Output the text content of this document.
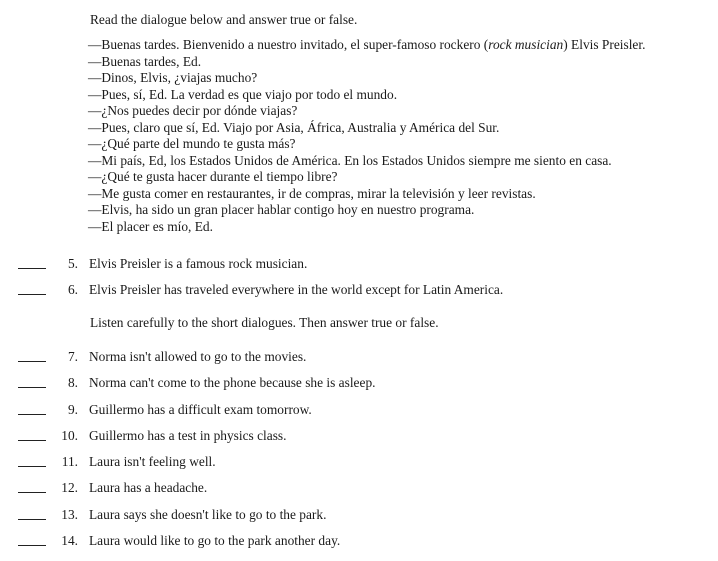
Read the dialogue below and answer true or false.
—Buenas tardes. Bienvenido a nuestro invitado, el super-famoso rockero (rock musician) Elvis Preisler.
—Buenas tardes, Ed.
—Dinos, Elvis, ¿viajas mucho?
—Pues, sí, Ed. La verdad es que viajo por todo el mundo.
—¿Nos puedes decir por dónde viajas?
—Pues, claro que sí, Ed. Viajo por Asia, África, Australia y América del Sur.
—¿Qué parte del mundo te gusta más?
—Mi país, Ed, los Estados Unidos de América. En los Estados Unidos siempre me siento en casa.
—¿Qué te gusta hacer durante el tiempo libre?
—Me gusta comer en restaurantes, ir de compras, mirar la televisión y leer revistas.
—Elvis, ha sido un gran placer hablar contigo hoy en nuestro programa.
—El placer es mío, Ed.
5. Elvis Preisler is a famous rock musician.
6. Elvis Preisler has traveled everywhere in the world except for Latin America.
Listen carefully to the short dialogues. Then answer true or false.
7. Norma isn't allowed to go to the movies.
8. Norma can't come to the phone because she is asleep.
9. Guillermo has a difficult exam tomorrow.
10. Guillermo has a test in physics class.
11. Laura isn't feeling well.
12. Laura has a headache.
13. Laura says she doesn't like to go to the park.
14. Laura would like to go to the park another day.
